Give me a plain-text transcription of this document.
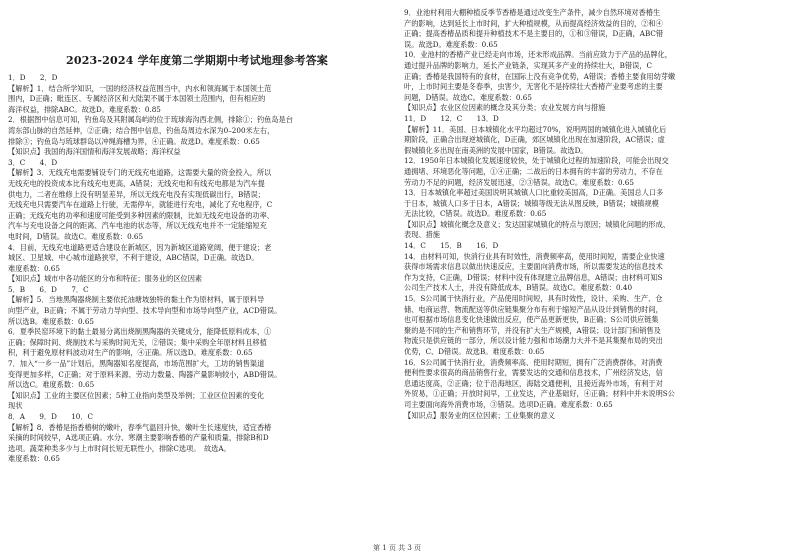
2023-2024 学年度第二学期期中考试地理参考答案
1．D　　2．D
【解析】1．结合所学知识，一国的经济权益范围当中，内水和领海属于本国领土范
围内，D正确；毗连区、专属经济区和大陆架不属于本国领土范围内，但有相应的
海洋权益，排除ABC。故选D。难度系数：0.85
2．根据图中信息可知，钓鱼岛及其附属岛屿的位于琉球海沟西北侧，排除①；钓鱼岛是台
湾东部山脉的自然延伸，②正确；结合图中信息，钓鱼岛周边水深为0–200米左右，
排除③；钓鱼岛与琉球群岛以冲绳海槽为界，④正确。故选D。难度系数：0.65
【知识点】我国的海洋国情和海洋发展战略；海洋权益
3．C　　4．D
【解析】3．无线充电需要铺设专门的无线充电道路，这需要大量的资金投入，所以
无线充电的投资成本比有线充电更高，A错误；无线充电和有线充电都是为汽车提
供电力，二者在维修上没有明显差异，所以无线充电没有实现低碳出行，B错误；
无线充电只需要汽车在道路上行驶，无需停车，就能进行充电，减化了充电程序，C
正确；无线充电的功率和速度可能受到多种因素的限制，比如无线充电设备的功率、
汽车与充电设备之间的距离、汽车电池的状态等，所以无线充电并不一定能缩短充
电时间，D错误。故选C。难度系数：0.65
4．目前，无线充电道路更适合建设在新城区，因为新城区道路宽阔，便于建设；老
城区、卫星城、中心城市道路狭窄，不利于建设，ABC错误，D正确。故选D。
难度系数：0.65
【知识点】城市中各功能区的分布和特征；服务业的区位因素
5．B　　6．D　　7．C
【解析】5．当地黑陶器烧制主要依托油塘坡独特的黏土作为原材料，属于原料导
向型产业，B正确；不属于劳动力导向型、技术导向型和市场导向型产业，ACD错误。
所以选B。难度系数：0.65
6．夏季民窑环境下的黏土最易分离出烧制黑陶器的关键成分，能降低原料成本，①
正确；保障时间、烧制技术与采购时间无关，②错误；集中采购全年原材料且移植
积，利于避免原材料波动对生产的影响，④正确。所以选D。难度系数：0.65
7．加入“一乡一品”计划后，黑陶器知名度提高，市场范围扩大，工坊的销售渠道
变得更加多样，C正确；对于原料来源、劳动力数量、陶器产量影响较小，ABD错误。
所以选C。难度系数：0.65
【知识点】工业的主要区位因素；5种工业指向类型及举例；工业区位因素的变化
现状
8．A　　9．D　　10．C
【解析】8．香椿是指香椿树的嫩叶，春季气温回升快，嫩叶生长速度快，适宜香椿
采摘的时间较早，A选项正确。水分、寒潮主要影响香椿的产量和质量，排除B和D
选项。蔬菜种类多少与上市时间长短无联性小，排除C选项。　故选A。
难度系数：0.65
9．业池村利用大棚种植反季节香椿是通过改变生产条件，减少自然环境对香椿生
产的影响，达到延长上市时间，扩大种植规模，从而提高经济效益的目的，②和④
正确；提高香椿品质和提升种植技术不是主要目的，①和③错误，D正确，ABC错
误。故选D。难度系数：0.65
10．业池村的香椿产业已经走向市场，还未形成品牌。当前应致力于产品的品牌化，
通过提升品牌的影响力，延长产业链条，实现其多产业的持续壮大，B错误，C
正确；香椿是我国特有的食材，在国际上没有竞争优势，A错误；香椿主要食用幼芽嫩
叶，上市时间主要是冬春季，虫害少，无害化不是持续壮大香椿产业要考虑的主要
问题，D错误。故选C。难度系数：0.65
【知识点】农业区位因素的概念及其分类；农业发展方向与措施
11．D　　12．C　　13．D
【解析】11．美国、日本城镇化水平均超过70%，说明两国的城镇化进入城镇化后
期阶段，正确合出现逆城镇化，D正确，郊区城镇化出现在加速阶段，AC错误；虚
假城镇化多出现在南美洲的发展中国家，B错误。故选D。
12．1950年日本城镇化发展速度较快，处于城镇化过程的加速阶段，可能会出现交
通拥堵、环境恶化等问题，①④正确；二战后的日本拥有的丰富的劳动力，不存在
劳动力不足的问题，经济发展迅速，②③错误。故选C。难度系数：0.65
13．日本城镇化率超过美国说明其城镇人口比重较美国高，D正确。美国总人口多
于日本，城镇人口多于日本，A错误；城镇等级无法从图反映，B错误；城镇规模
无法比较，C错误。故选D。难度系数：0.65
【知识点】城镇化概念及意义；发达国家城镇化的特点与原因；城镇化问题的形成、
表现、措施
14．C　　15．B　　16．D
14．由材料可知，快消行业具有时效性，消费频率高，使用时间短，需要企业快速
获得市场需求信息以做出快速反应，主要面向消费市场，所以需要发达的信息技术
作为支持，C正确，D错误；材料中没有体现建立品牌信息，A错误；由材料可知S
公司生产技术人士，并没有降低成本，B错误。故选C。难度系数：0.40
15．S公司属于快消行业，产品使用时间短，具有时效性，设计、采购、生产、仓
储、电商运营、物流配送等供应链集聚分布有利于缩短产品从设计到销售的时间，
也可根据市场信息变化快速做出反应，使产品更新更快，B正确；S公司供应链集
聚的是不同的生产和销售环节，并没有扩大生产规模，A错误；设计部门和销售及
物流只是供应链的一部分，所以设计能力强和市场潮力大并不是其集聚布局的突出
优势，C、D错误。故选B。难度系数：0.65
16．S公司属于快消行业，消费频率高、使用时期短，拥有广泛消费群体，对消费
便利性要求很高的商品销售行业，需要发达的交通和信息技术，广州经济发达，信
息通达度高，②正确；位于沿海地区，海陆交通便利，且接近海外市场，有利于对
外贸易，①正确；开放时间早，工业发达，产业基础好，④正确；材料中并未说明S公
司主要面向海外消费市场，③错误。选项D正确。难度系数：0.65
【知识点】服务业的区位因素；工业集聚的意义
第 1 页 共 3 页
